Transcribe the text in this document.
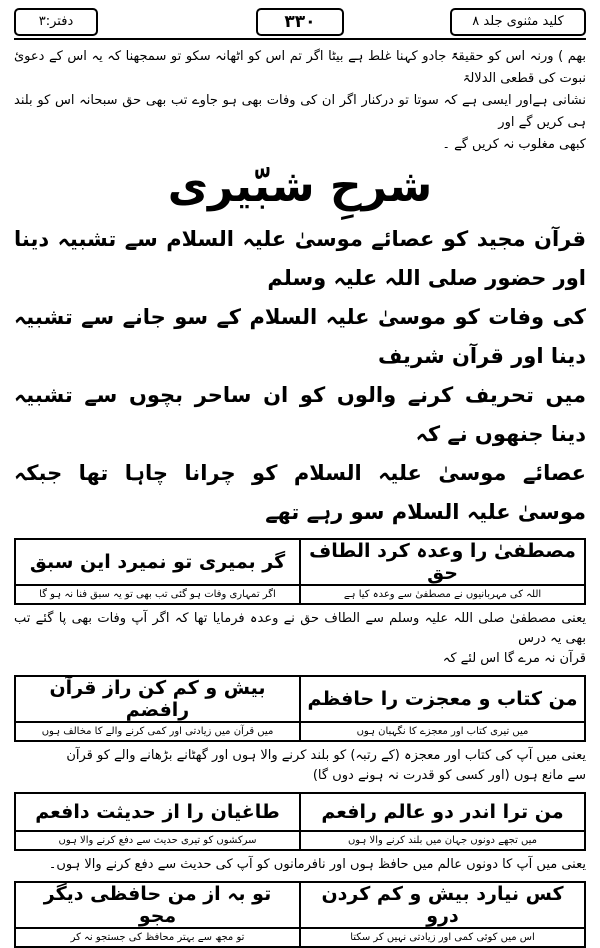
کلید مثنوی جلد ۸
۳۳۰
دفتر:۳

بھم ) ورنہ اس کو حقیقۃً جادو کہنا غلط ہے بیٹا اگر تم اس کو اٹھانہ سکو تو سمجھنا کہ یہ اس کے دعویٔ نبوت کی قطعی الدلالۃ

نشانی ہےاور ایسی ہے کہ سوتا تو درکنار اگر ان کی وفات بھی ہو جاوے تب بھی حق سبحانہ اس کو بلند ہی کریں گے اور

کبھی مغلوب نہ کریں گے ۔

شرحِ شبّیری

قرآن مجید کو عصائے موسیٰ علیہ السلام سے تشبیہ دینا اور حضور صلی اللہ علیہ وسلم

کی وفات کو موسیٰ علیہ السلام کے سو جانے سے تشبیہ دینا اور قرآن شریف

میں تحریف کرنے والوں کو ان ساحر بچوں سے تشبیہ دینا جنھوں نے کہ

عصائے موسیٰ علیہ السلام کو چرانا چاہا تھا جبکہ موسیٰ علیہ السلام سو رہے تھے

مصطفیٰ را وعدہ کرد الطاف حق	گر بمیری تو نمیرد این سبق
اللہ کی مہربانیوں نے مصطفیٰ سے وعدہ کیا ہے	اگر تمہاری وفات ہو گئی تب بھی تو یہ سبق فنا نہ ہو گا

یعنی مصطفیٰ صلی اللہ علیہ وسلم سے الطاف حق نے وعدہ فرمایا تھا کہ اگر آپ وفات بھی پا گئے تب بھی یہ درس

قرآن نہ مرے گا اس لئے کہ

من کتاب و معجزت را حافظم	بیش و کم کن راز قرآن رافضم
میں تیری کتاب اور معجزے کا نگہبان ہوں	میں قرآن میں زیادتی اور کمی کرنے والے کا مخالف ہوں

یعنی میں آپ کی کتاب اور معجزہ (کے رتبہ) کو بلند کرنے والا ہوں اور گھٹانے بڑھانے والے کو قرآن

سے مانع ہوں (اور کسی کو قدرت نہ ہونے دوں گا)

من ترا اندر دو عالم رافعم	طاغیان را از حدیثت دافعم
میں تجھے دونوں جہان میں بلند کرنے والا ہوں	سرکشوں کو تیری حدیث سے دفع کرنے والا ہوں

یعنی میں آپ کا دونوں عالم میں حافظ ہوں اور نافرمانوں کو آپ کی حدیث سے دفع کرنے والا ہوں۔

کس نیارد بیش و کم کردن درو	تو بہ از من حافظی دیگر مجو
اس میں کوئی کمی اور زیادتی نہیں کر سکتا	تو مجھ سے بہتر محافظ کی جستجو نہ کر
